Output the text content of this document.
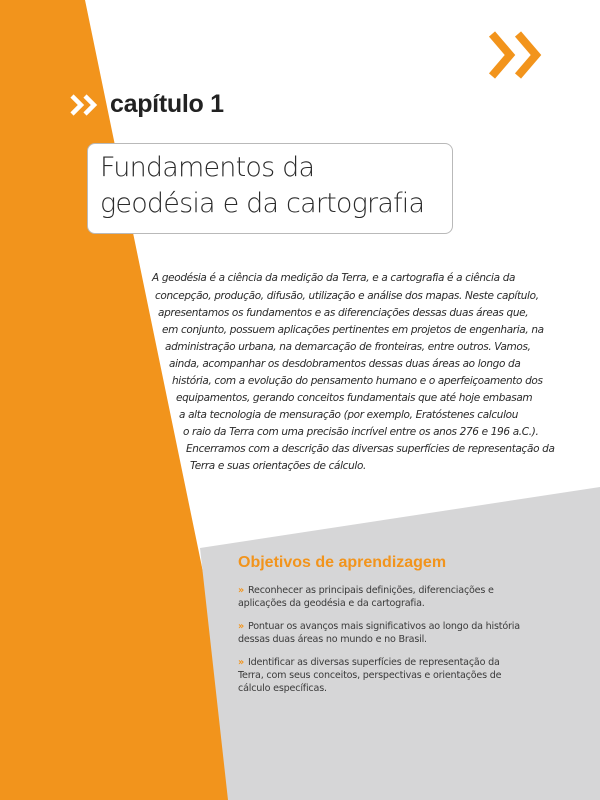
capítulo 1
Fundamentos da
geodésia e da cartografia
A geodésia é a ciência da medição da Terra, e a cartografia é a ciência da
concepção, produção, difusão, utilização e análise dos mapas. Neste capítulo,
apresentamos os fundamentos e as diferenciações dessas duas áreas que,
em conjunto, possuem aplicações pertinentes em projetos de engenharia, na
administração urbana, na demarcação de fronteiras, entre outros. Vamos,
ainda, acompanhar os desdobramentos dessas duas áreas ao longo da
história, com a evolução do pensamento humano e o aperfeiçoamento dos
equipamentos, gerando conceitos fundamentais que até hoje embasam
a alta tecnologia de mensuração (por exemplo, Eratóstenes calculou
o raio da Terra com uma precisão incrível entre os anos 276 e 196 a.C.).
Encerramos com a descrição das diversas superfícies de representação da
Terra e suas orientações de cálculo.
Objetivos de aprendizagem
» Reconhecer as principais definições, diferenciações e aplicações da geodésia e da cartografia.
» Pontuar os avanços mais significativos ao longo da história dessas duas áreas no mundo e no Brasil.
» Identificar as diversas superfícies de representação da Terra, com seus conceitos, perspectivas e orientações de cálculo específicas.
